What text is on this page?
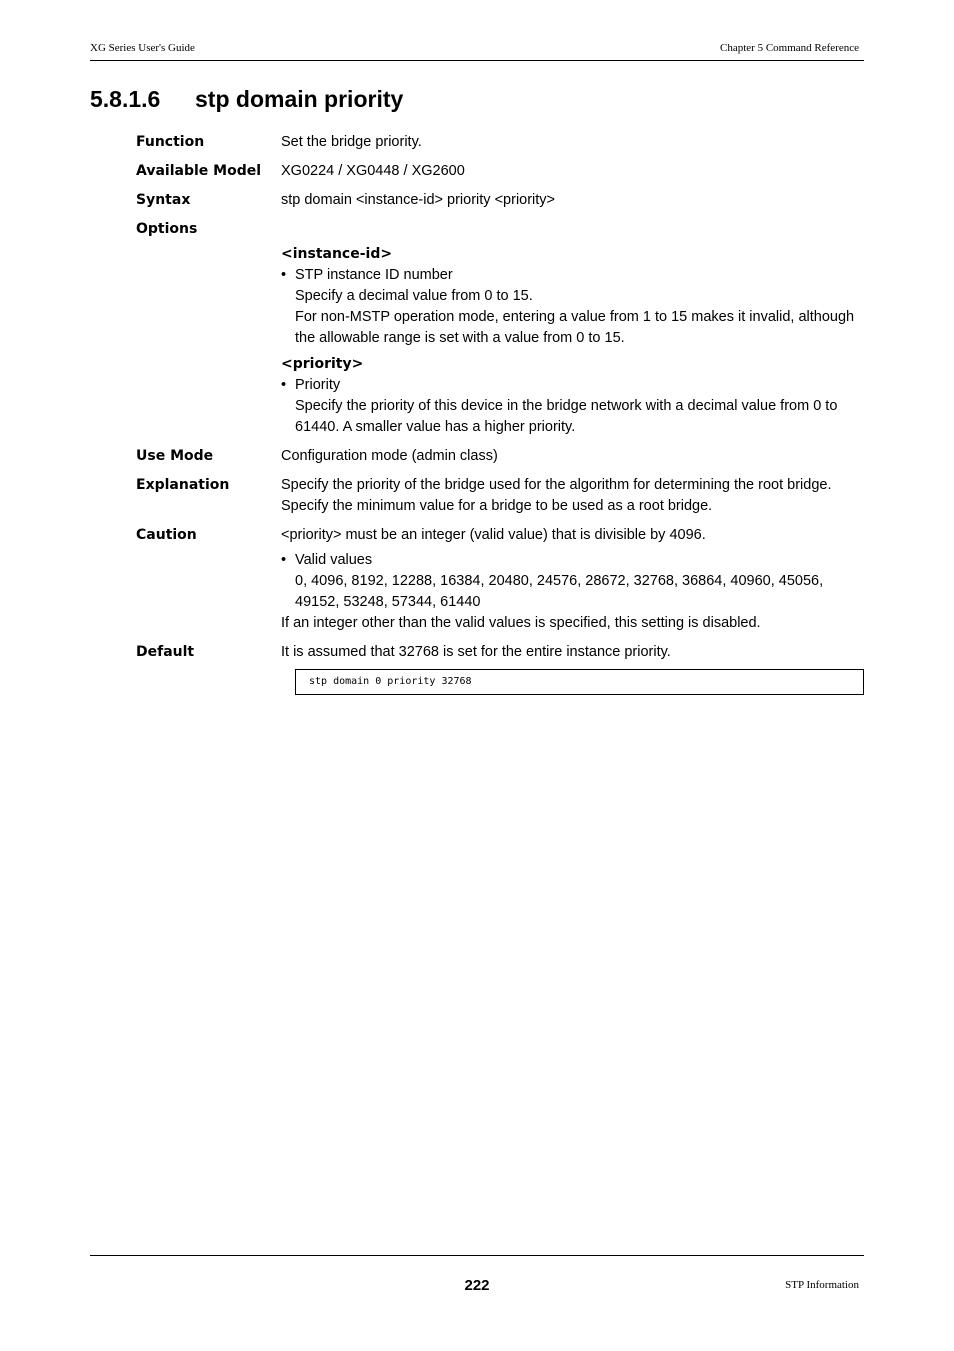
XG Series User's Guide	Chapter 5 Command Reference
5.8.1.6 stp domain priority
Function	Set the bridge priority.
Available Model	XG0224 / XG0448 / XG2600
Syntax	stp domain <instance-id> priority <priority>
Options
<instance-id>
• STP instance ID number
Specify a decimal value from 0 to 15.
For non-MSTP operation mode, entering a value from 1 to 15 makes it invalid, although
the allowable range is set with a value from 0 to 15.
<priority>
• Priority
Specify the priority of this device in the bridge network with a decimal value from 0 to
61440. A smaller value has a higher priority.
Use Mode	Configuration mode (admin class)
Explanation	Specify the priority of the bridge used for the algorithm for determining the root bridge.
Specify the minimum value for a bridge to be used as a root bridge.
Caution	<priority> must be an integer (valid value) that is divisible by 4096.
• Valid values
0, 4096, 8192, 12288, 16384, 20480, 24576, 28672, 32768, 36864, 40960, 45056,
49152, 53248, 57344, 61440
If an integer other than the valid values is specified, this setting is disabled.
Default	It is assumed that 32768 is set for the entire instance priority.
stp domain 0 priority 32768
222	STP Information
